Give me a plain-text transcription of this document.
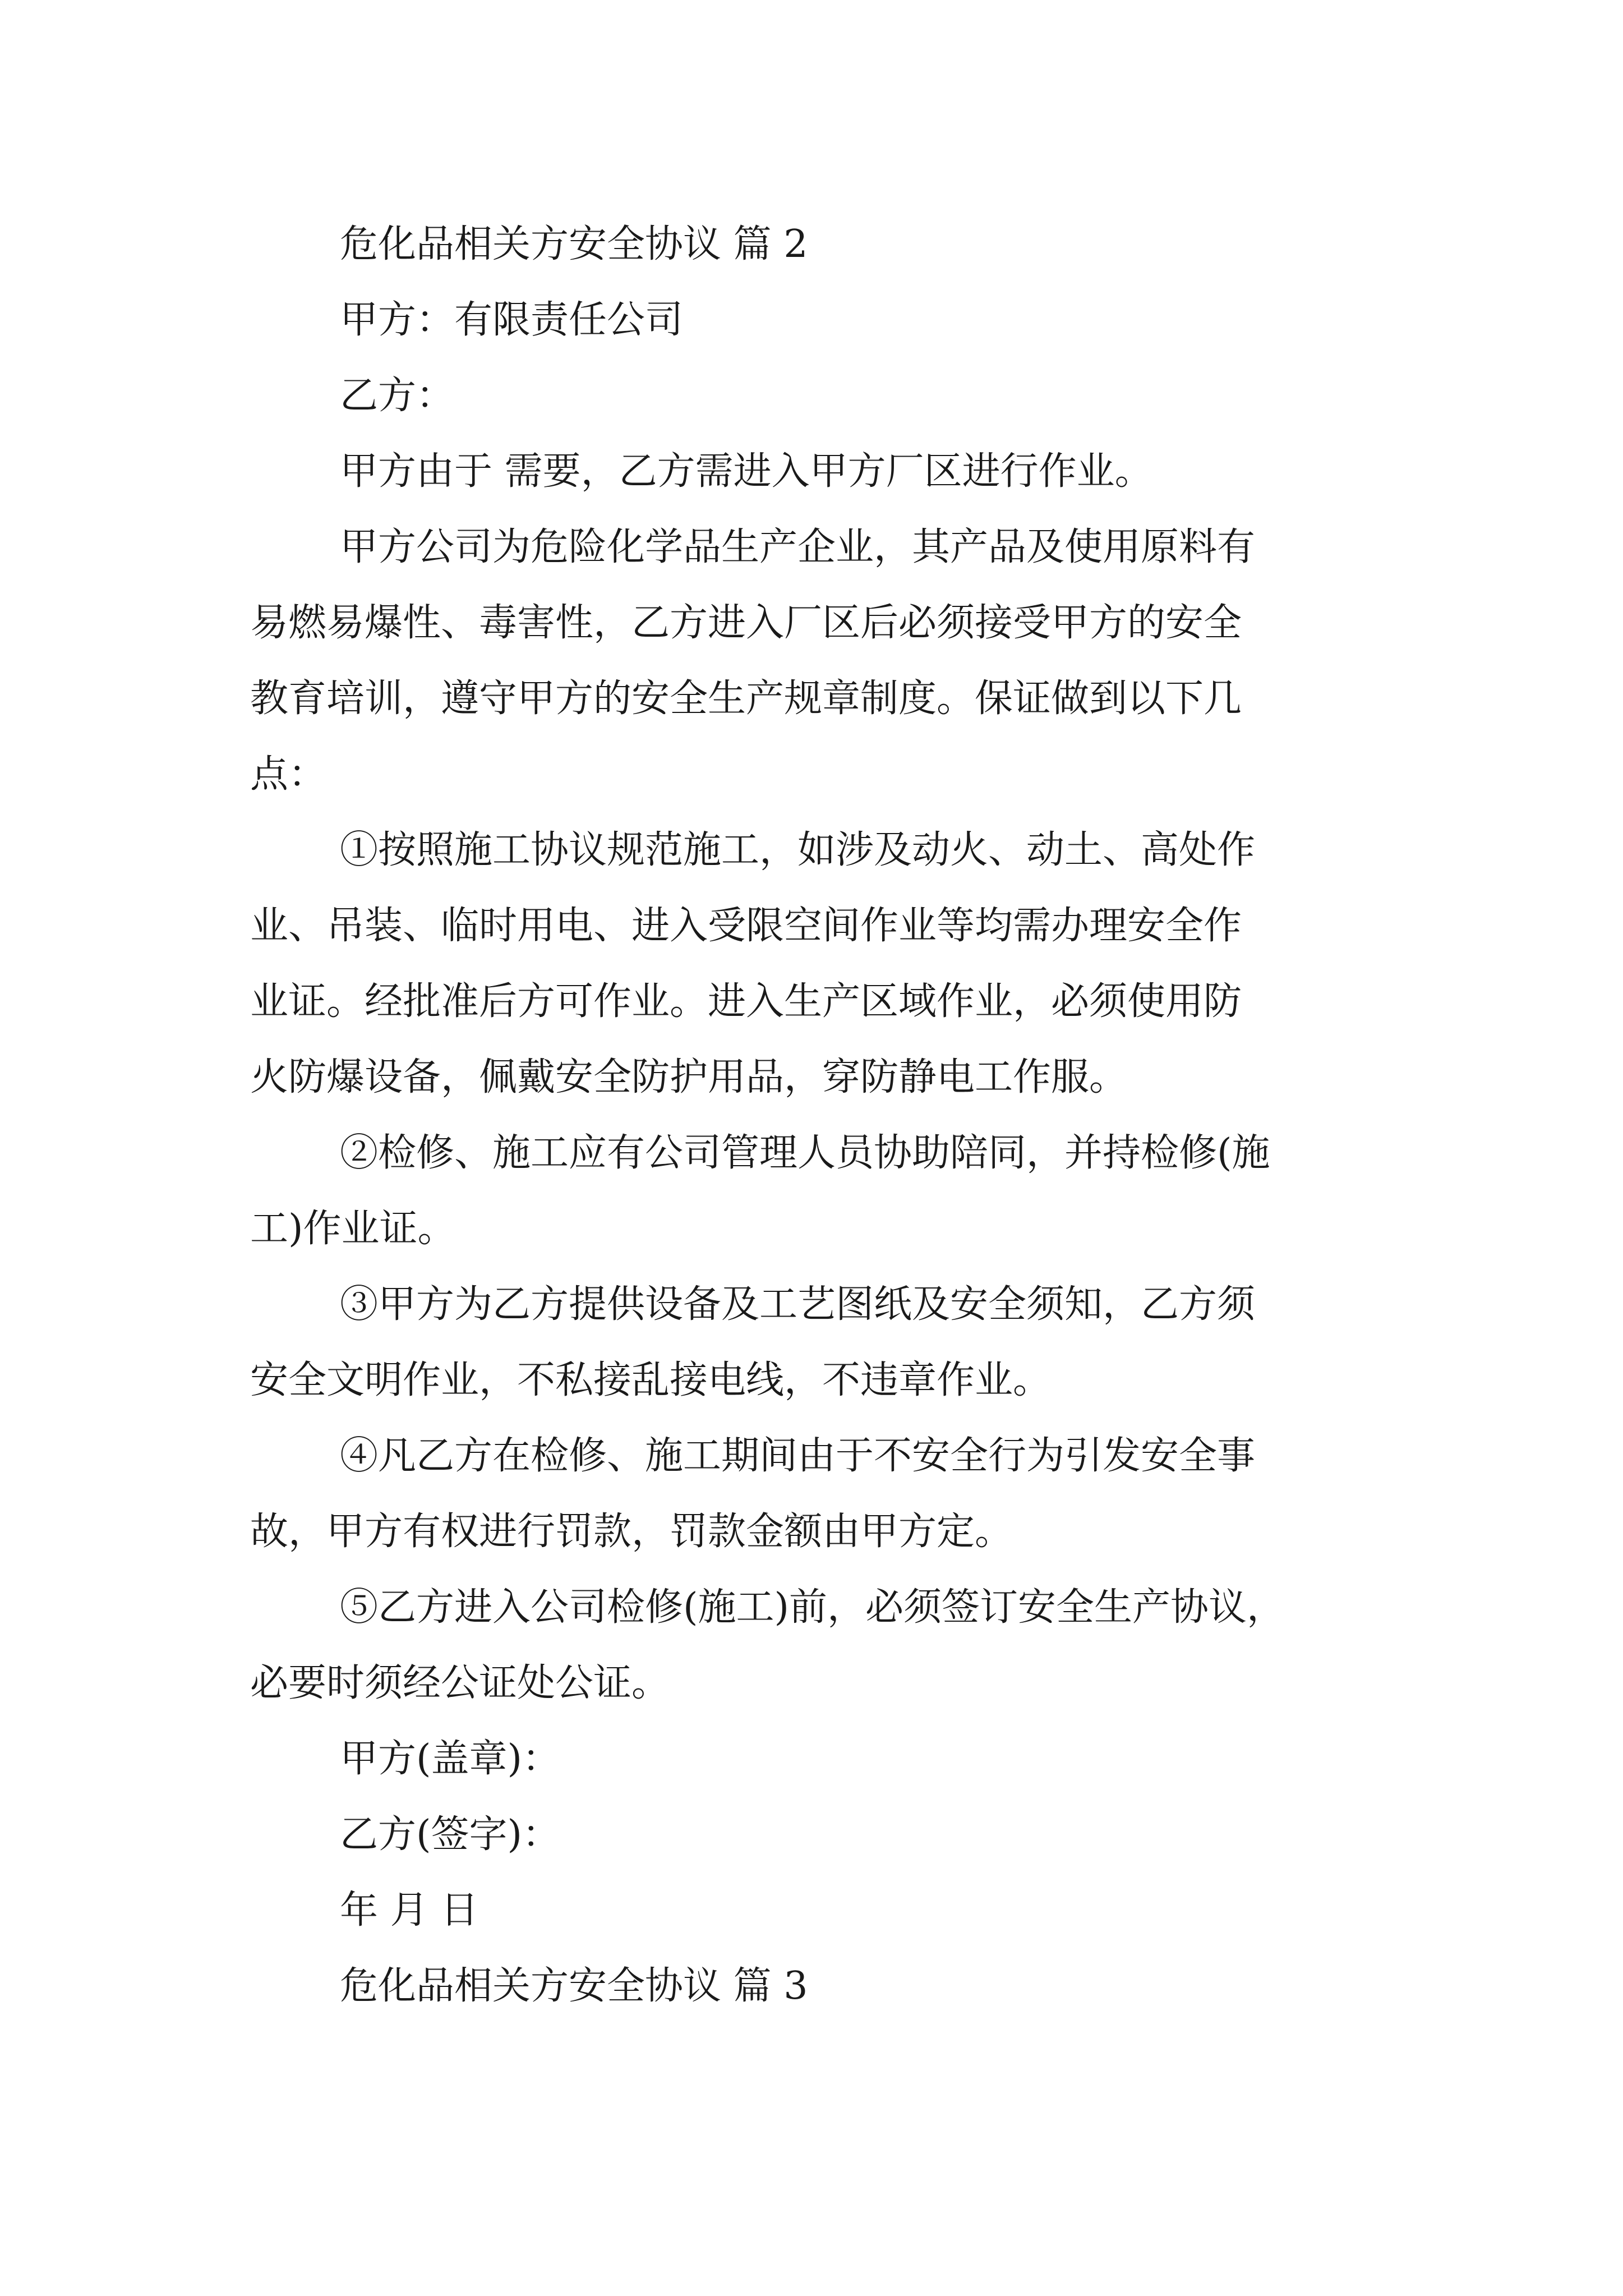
危化品相关方安全协议 篇 2
甲方：有限责任公司
乙方：
甲方由于 需要，乙方需进入甲方厂区进行作业。
甲方公司为危险化学品生产企业，其产品及使用原料有
易燃易爆性、毒害性，乙方进入厂区后必须接受甲方的安全
教育培训，遵守甲方的安全生产规章制度。保证做到以下几
点：
①按照施工协议规范施工，如涉及动火、动土、高处作
业、吊装、临时用电、进入受限空间作业等均需办理安全作
业证。经批准后方可作业。进入生产区域作业，必须使用防
火防爆设备，佩戴安全防护用品，穿防静电工作服。
②检修、施工应有公司管理人员协助陪同，并持检修(施
工)作业证。
③甲方为乙方提供设备及工艺图纸及安全须知，乙方须
安全文明作业，不私接乱接电线，不违章作业。
④凡乙方在检修、施工期间由于不安全行为引发安全事
故，甲方有权进行罚款，罚款金额由甲方定。
⑤乙方进入公司检修(施工)前，必须签订安全生产协议，
必要时须经公证处公证。
甲方(盖章)：
乙方(签字)：
年 月 日
危化品相关方安全协议 篇 3
